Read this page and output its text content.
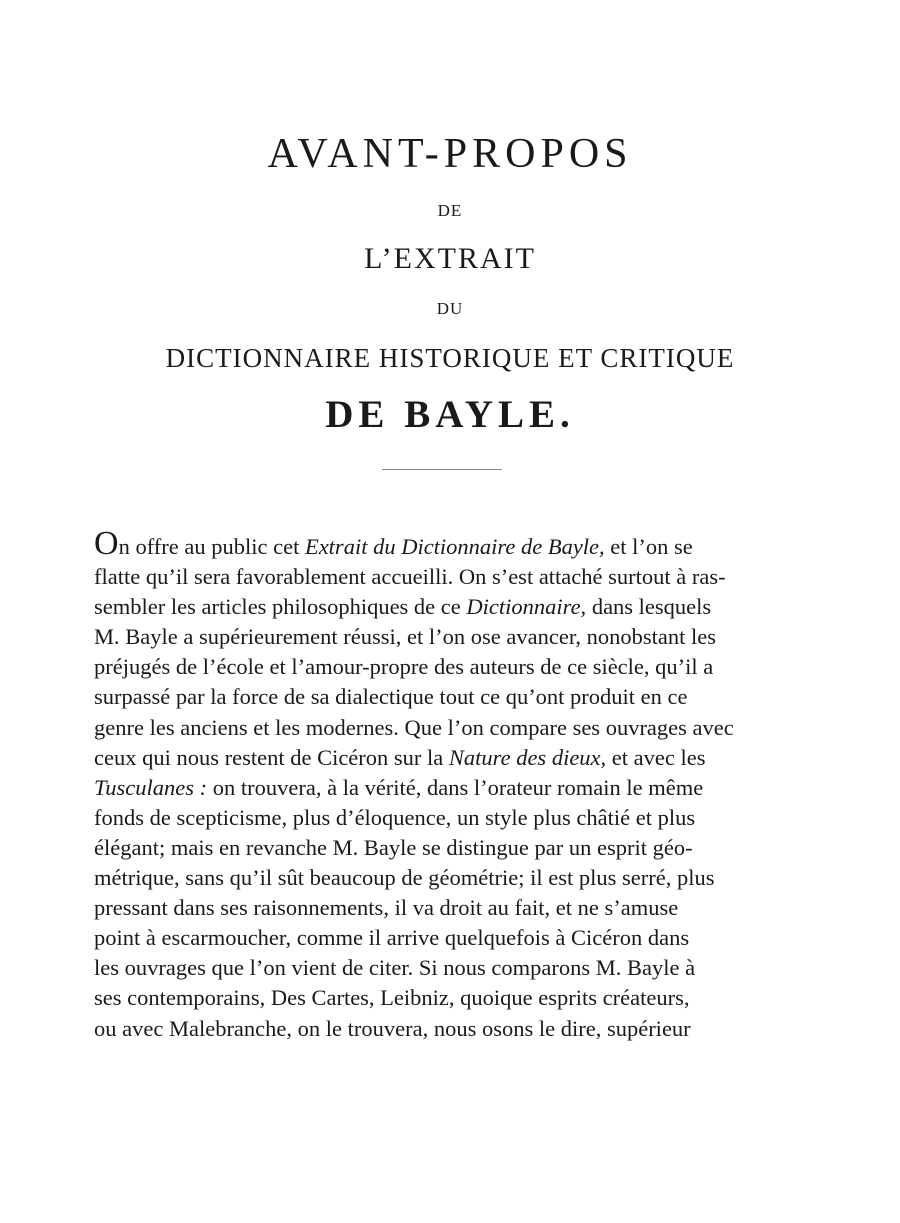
AVANT-PROPOS
DE
L’EXTRAIT
DU
DICTIONNAIRE HISTORIQUE ET CRITIQUE
DE BAYLE.
On offre au public cet Extrait du Dictionnaire de Bayle, et l’on se
flatte qu’il sera favorablement accueilli. On s’est attaché surtout à ras-
sembler les articles philosophiques de ce Dictionnaire, dans lesquels
M. Bayle a supérieurement réussi, et l’on ose avancer, nonobstant les
préjugés de l’école et l’amour-propre des auteurs de ce siècle, qu’il a
surpassé par la force de sa dialectique tout ce qu’ont produit en ce
genre les anciens et les modernes. Que l’on compare ses ouvrages avec
ceux qui nous restent de Cicéron sur la Nature des dieux, et avec les
Tusculanes : on trouvera, à la vérité, dans l’orateur romain le même
fonds de scepticisme, plus d’éloquence, un style plus châtié et plus
élégant; mais en revanche M. Bayle se distingue par un esprit géo-
métrique, sans qu’il sût beaucoup de géométrie; il est plus serré, plus
pressant dans ses raisonnements, il va droit au fait, et ne s’amuse
point à escarmoucher, comme il arrive quelquefois à Cicéron dans
les ouvrages que l’on vient de citer. Si nous comparons M. Bayle à
ses contemporains, Des Cartes, Leibniz, quoique esprits créateurs,
ou avec Malebranche, on le trouvera, nous osons le dire, supérieur
